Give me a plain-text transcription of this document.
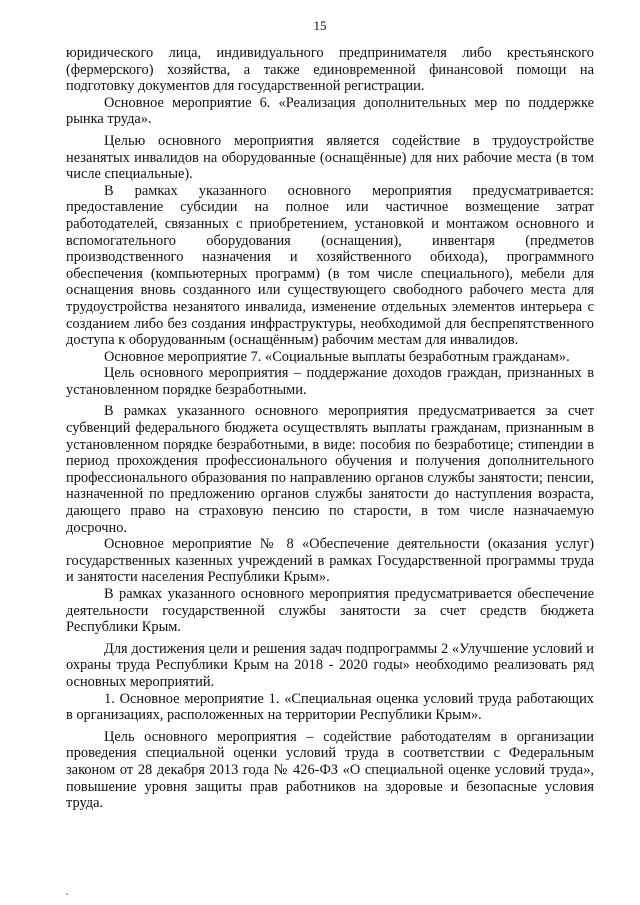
15

юридического лица, индивидуального предпринимателя либо крестьянского (фермерского) хозяйства, а также единовременной финансовой помощи на подготовку документов для государственной регистрации.

Основное мероприятие 6. «Реализация дополнительных мер по поддержке рынка труда».

Целью основного мероприятия является содействие в трудоустройстве незанятых инвалидов на оборудованные (оснащённые) для них рабочие места (в том числе специальные).

В рамках указанного основного мероприятия предусматривается: предоставление субсидии на полное или частичное возмещение затрат работодателей, связанных с приобретением, установкой и монтажом основного и вспомогательного оборудования (оснащения), инвентаря (предметов производственного назначения и хозяйственного обихода), программного обеспечения (компьютерных программ) (в том числе специального), мебели для оснащения вновь созданного или существующего свободного рабочего места для трудоустройства незанятого инвалида, изменение отдельных элементов интерьера с созданием либо без создания инфраструктуры, необходимой для беспрепятственного доступа к оборудованным (оснащённым) рабочим местам для инвалидов.

Основное мероприятие 7. «Социальные выплаты безработным гражданам».

Цель основного мероприятия – поддержание доходов граждан, признанных в установленном порядке безработными.

В рамках указанного основного мероприятия предусматривается за счет субвенций федерального бюджета осуществлять выплаты гражданам, признанным в установленном порядке безработными, в виде: пособия по безработице; стипендии в период прохождения профессионального обучения и получения дополнительного профессионального образования по направлению органов службы занятости; пенсии, назначенной по предложению органов службы занятости до наступления возраста, дающего право на страховую пенсию по старости, в том числе назначаемую досрочно.

Основное мероприятие № 8 «Обеспечение деятельности (оказания услуг) государственных казенных учреждений в рамках Государственной программы труда и занятости населения Республики Крым».

В рамках указанного основного мероприятия предусматривается обеспечение деятельности государственной службы занятости за счет средств бюджета Республики Крым.

Для достижения цели и решения задач подпрограммы 2 «Улучшение условий и охраны труда Республики Крым на 2018 - 2020 годы» необходимо реализовать ряд основных мероприятий.

1. Основное мероприятие 1. «Специальная оценка условий труда работающих в организациях, расположенных на территории Республики Крым».

Цель основного мероприятия – содействие работодателям в организации проведения специальной оценки условий труда в соответствии с Федеральным законом от 28 декабря 2013 года № 426-ФЗ «О специальной оценке условий труда», повышение уровня защиты прав работников на здоровые и безопасные условия труда.
